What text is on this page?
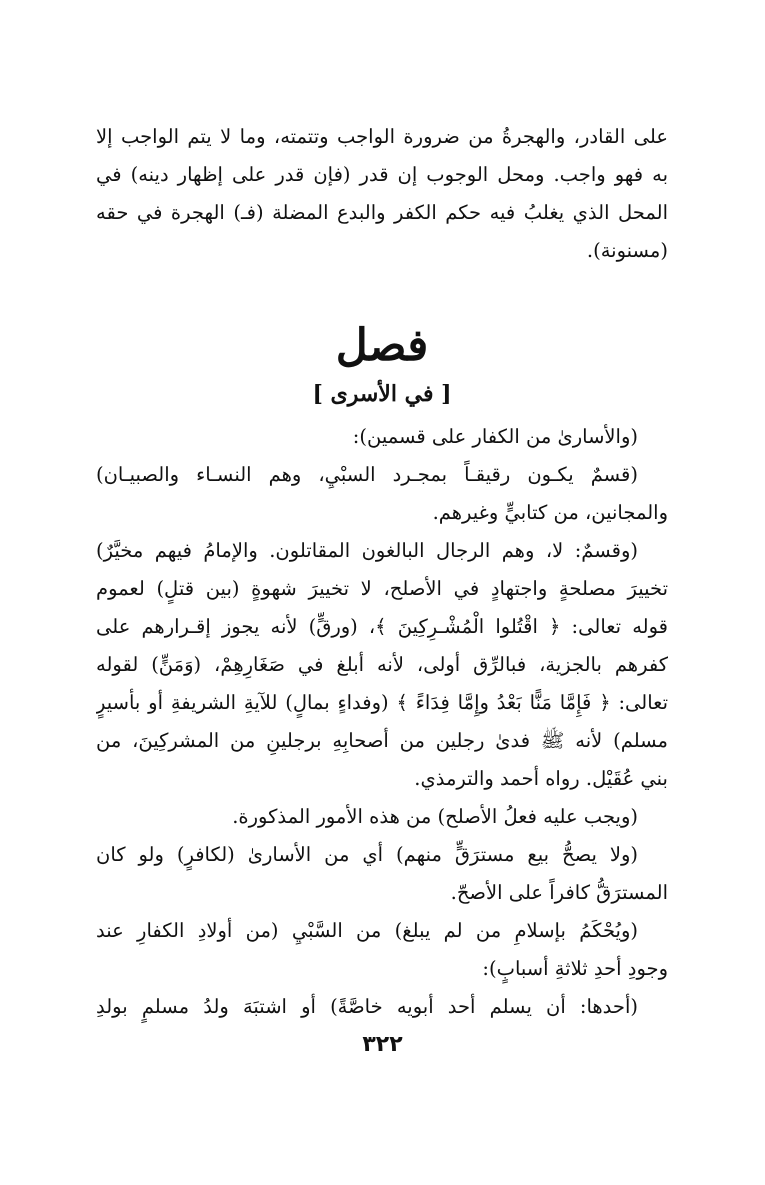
على القادر، والهجرةُ من ضرورة الواجب وتتمته، وما لا يتم الواجب إلا
به فهو واجب. ومحل الوجوب إن قدر (فإن قدر على إظهار دينه) في
المحل الذي يغلبُ فيه حكم الكفر والبدع المضلة (فـ) الهجرة في حقه
(مسنونة).
فصل
[ في الأسرى ]
(والأسارىٰ من الكفار على قسمين):
(قسمٌ يكـون رقيقـاً بمجـرد السبْيِ، وهم النسـاء والصبيـان)
والمجانين، من كتابيٍّ وغيرهم.
(وقسمٌ: لا، وهم الرجال البالغون المقاتلون. والإمامُ فيهم مخيَّرٌ)
تخييرَ مصلحةٍ واجتهادٍ في الأصلح، لا تخييرَ شهوةٍ (بين قتلٍ) لعموم
قوله تعالى: ﴿ اقْتُلوا الْمُشْـرِكِينَ ﴾، (ورقٍّ) لأنه يجوز إقـرارهم على
كفرهم بالجزية، فبالرِّق أولى، لأنه أبلغ في صَغَارِهِمْ، (وَمَنٍّ) لقوله
تعالى: ﴿ فَإِمَّا مَنًّا بَعْدُ وإِمَّا فِدَاءً ﴾ (وفداءٍ بمالٍ) للآيةِ الشريفةِ أو بأسيرٍ
مسلم) لأنه ﷺ فدىٰ رجلين من أصحابِهِ برجلينِ من المشركِينَ، من
بني عُقَيْل. رواه أحمد والترمذي.
(ويجب عليه فعلُ الأصلح) من هذه الأمور المذكورة.
(ولا يصحُّ بيع مسترَقٍّ منهم) أي من الأسارىٰ (لكافرٍ) ولو كان
المسترَقُّ كافراً على الأصحّ.
(ويُحْكَمُ بإسلامِ من لم يبلغ) من السَّبْيِ (من أولادِ الكفارِ عند
وجودِ أحدِ ثلاثةِ أسبابٍ):
(أحدها: أن يسلم أحد أبويه خاصَّةً) أو اشتبَهَ ولدُ مسلمٍ بولدِ
٣٢٢
